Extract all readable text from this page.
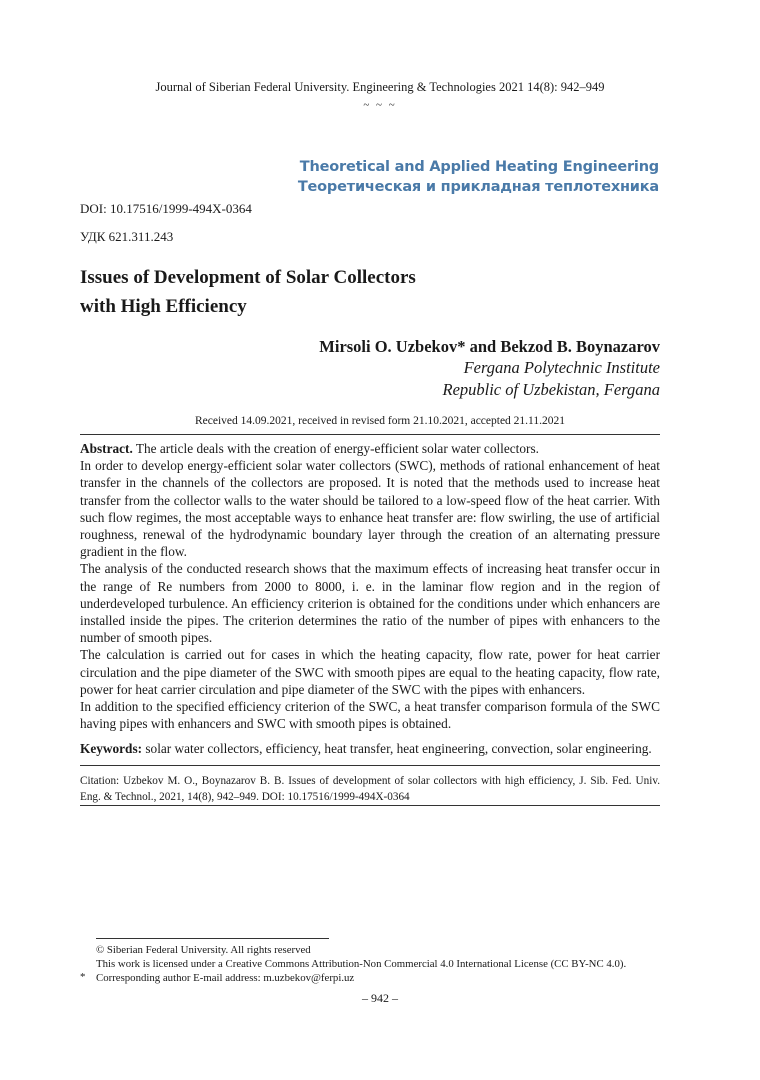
Journal of Siberian Federal University. Engineering & Technologies 2021 14(8): 942–949
~ ~ ~
Theoretical and Applied Heating Engineering
Теоретическая и прикладная теплотехника
DOI: 10.17516/1999-494X-0364
УДК 621.311.243
Issues of Development of Solar Collectors
with High Efficiency
Mirsoli O. Uzbekov* and Bekzod B. Boynazarov
Fergana Polytechnic Institute
Republic of Uzbekistan, Fergana
Received 14.09.2021, received in revised form 21.10.2021, accepted 21.11.2021

Abstract. The article deals with the creation of energy-efficient solar water collectors.

In order to develop energy-efficient solar water collectors (SWC), methods of rational enhancement of heat transfer in the channels of the collectors are proposed. It is noted that the methods used to increase heat transfer from the collector walls to the water should be tailored to a low-speed flow of the heat carrier. With such flow regimes, the most acceptable ways to enhance heat transfer are: flow swirling, the use of artificial roughness, renewal of the hydrodynamic boundary layer through the creation of an alternating pressure gradient in the flow.

The analysis of the conducted research shows that the maximum effects of increasing heat transfer occur in the range of Re numbers from 2000 to 8000, i. e. in the laminar flow region and in the region of underdeveloped turbulence. An efficiency criterion is obtained for the conditions under which enhancers are installed inside the pipes. The criterion determines the ratio of the number of pipes with enhancers to the number of smooth pipes.

The calculation is carried out for cases in which the heating capacity, flow rate, power for heat carrier circulation and the pipe diameter of the SWC with smooth pipes are equal to the heating capacity, flow rate, power for heat carrier circulation and pipe diameter of the SWC with the pipes with enhancers.

In addition to the specified efficiency criterion of the SWC, a heat transfer comparison formula of the SWC having pipes with enhancers and SWC with smooth pipes is obtained.

Keywords: solar water collectors, efficiency, heat transfer, heat engineering, convection, solar engineering.
Citation: Uzbekov M. O., Boynazarov B. B. Issues of development of solar collectors with high efficiency, J. Sib. Fed. Univ. Eng. & Technol., 2021, 14(8), 942–949. DOI: 10.17516/1999-494X-0364
© Siberian Federal University. All rights reserved
This work is licensed under a Creative Commons Attribution-Non Commercial 4.0 International License (CC BY-NC 4.0).
* Corresponding author E-mail address: m.uzbekov@ferpi.uz
– 942 –
